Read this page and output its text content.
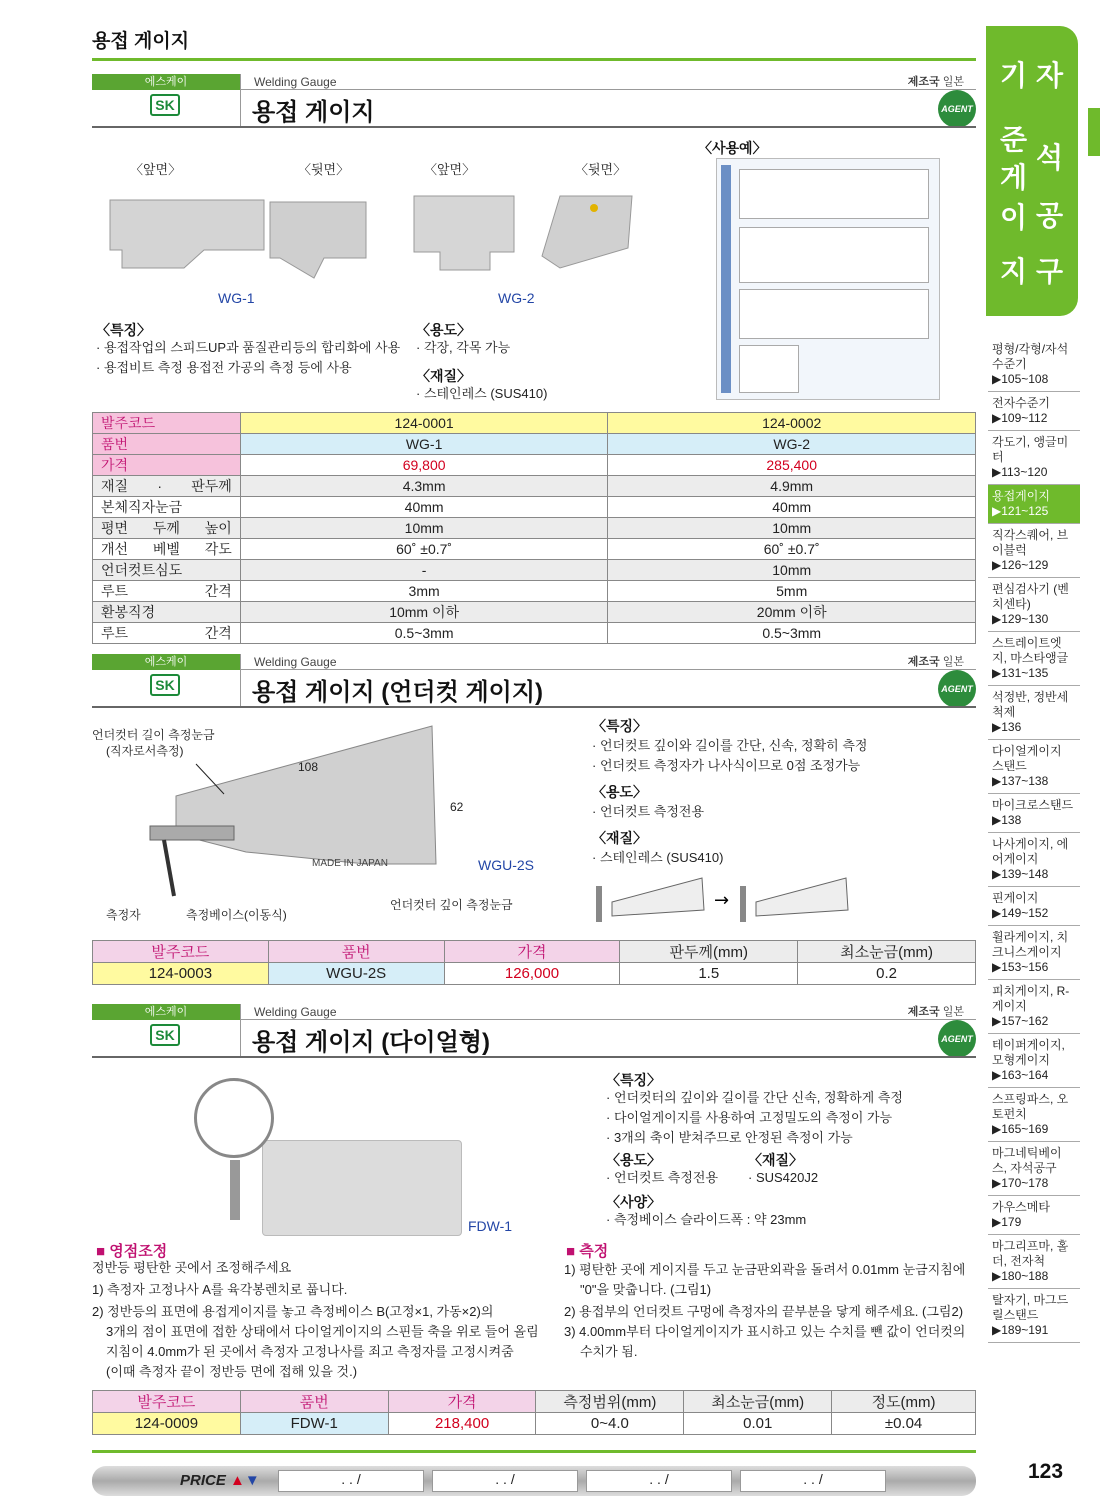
용접 게이지
기 자
준
석
게
공
이
구
지
평형/각형/자석 수준기
▶105~108
전자수준기
▶109~112
각도기, 앵글미터
▶113~120
용접게이지
▶121~125
직각스퀘어, 브이블럭
▶126~129
편심검사기 (벤치센타)
▶129~130
스트레이트엣지, 마스타앵글
▶131~135
석정반, 정반세척제
▶136
다이얼게이지 스탠드
▶137~138
마이크로스탠드
▶138
나사게이지, 에어게이지
▶139~148
핀게이지
▶149~152
휠라게이지, 치크니스게이지
▶153~156
피치게이지, R-게이지
▶157~162
테이퍼게이지, 모형게이지
▶163~164
스프링파스, 오토펀치
▶165~169
마그네틱베이스, 자석공구
▶170~178
가우스메타
▶179
마그리프마, 홀더, 전자척
▶180~188
탈자기, 마그드릴스탠드
▶189~191
에스케이	Welding Gauge	제조국 일본
SK	용접 게이지	AGENT
〈앞면〉	〈뒷면〉	〈앞면〉	〈뒷면〉
〈사용예〉
WG-1	WG-2
〈특징〉
· 용접작업의 스피드UP과 품질관리등의 합리화에 사용
· 용접비트 측정 용접전 가공의 측정 등에 사용
〈용도〉
· 각장, 각목 가능
〈재질〉
· 스테인레스 (SUS410)
발주코드	124-0001	124-0002
품번	WG-1	WG-2
가격	69,800	285,400
재질 · 판두께	4.3mm	4.9mm
본체직자눈금	40mm	40mm
평면 두께 높이	10mm	10mm
개선 베벨 각도	60˚ ±0.7˚	60˚ ±0.7˚
언더컷트심도	-	10mm
루트 간격	3mm	5mm
환봉직경	10mm 이하	20mm 이하
루트 간격	0.5~3mm	0.5~3mm
에스케이	Welding Gauge	제조국 일본
SK	용접 게이지 (언더컷 게이지)	AGENT
언더컷터 길이 측정눈금
(직자로서측정)
108
62
MADE IN JAPAN	WGU-2S
측정자	측정베이스(이동식)
언더컷터 깊이 측정눈금
〈특징〉
· 언더컷트 깊이와 길이를 간단, 신속, 정확히 측정
· 언더컷트 측정자가 나사식이므로 0점 조정가능
〈용도〉
· 언더컷트 측정전용
〈재질〉
· 스테인레스 (SUS410)
→
발주코드	품번	가격	판두께(mm)	최소눈금(mm)
124-0003	WGU-2S	126,000	1.5	0.2
에스케이	Welding Gauge	제조국 일본
SK	용접 게이지 (다이얼형)	AGENT
FDW-1
〈특징〉
· 언더컷터의 깊이와 길이를 간단 신속, 정확하게 측정
· 다이얼게이지를 사용하여 고정밀도의 측정이 가능
· 3개의 축이 받쳐주므로 안정된 측정이 가능
〈용도〉
· 언더컷트 측정전용
〈재질〉
· SUS420J2
〈사양〉
· 측정베이스 슬라이드폭 : 약 23mm
■ 영점조정
정반등 평탄한 곳에서 조정해주세요
1) 측정자 고정나사 A를 육각봉렌치로 풉니다.
2) 정반등의 표면에 용접게이지를 놓고 측정베이스 B(고정×1, 가동×2)의
3개의 점이 표면에 접한 상태에서 다이얼게이지의 스핀들 축을 위로 들어 올림
지침이 4.0mm가 된 곳에서 측정자 고정나사를 죄고 측정자를 고정시켜줌
(이때 측정자 끝이 정반등 면에 접해 있을 것.)
■ 측정
1) 평탄한 곳에 게이지를 두고 눈금판외곽을 돌려서 0.01mm 눈금지침에
"0"을 맞춥니다. (그림1)
2) 용접부의 언더컷트 구멍에 측정자의 끝부분을 닿게 해주세요. (그림2)
3) 4.00mm부터 다이얼게이지가 표시하고 있는 수치를 뺀 값이 언더컷의
수치가 됨.
발주코드	품번	가격	측정범위(mm)	최소눈금(mm)	정도(mm)
124-0009	FDW-1	218,400	0~4.0	0.01	±0.04
PRICE ▲▼	. . /	. . /	. . /	. . /	123
